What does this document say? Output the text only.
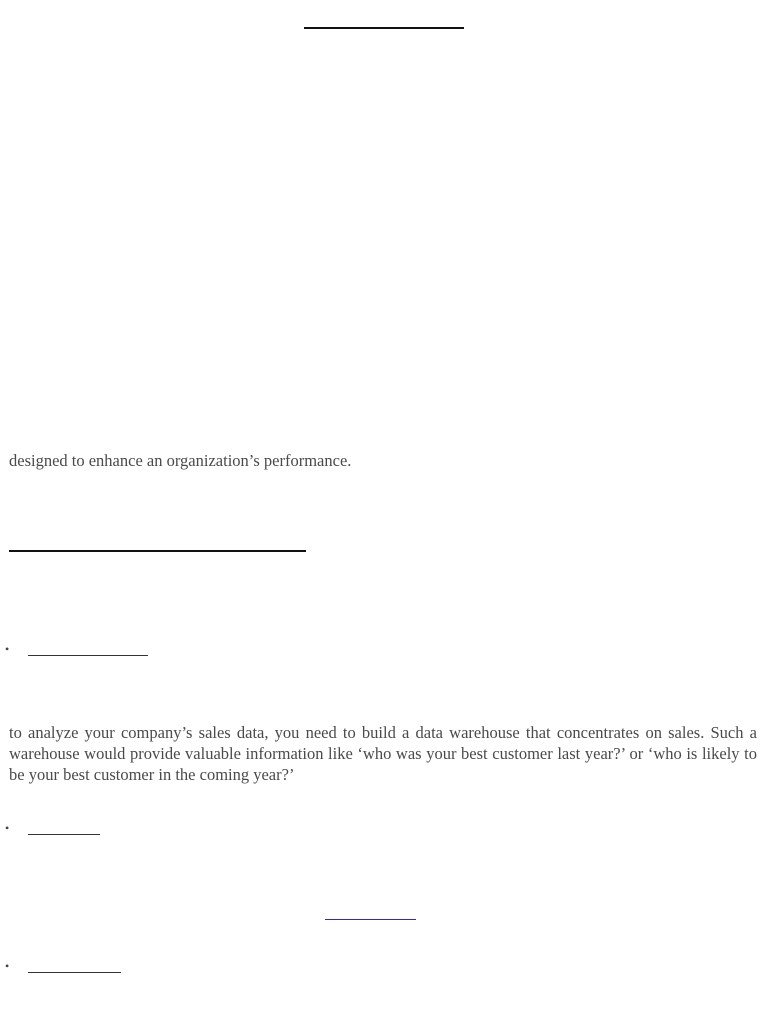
designed to enhance an organization’s performance.
•
to analyze your company’s sales data, you need to build a data warehouse that concentrates on sales. Such a warehouse would provide valuable information like ‘who was your best customer last year?’ or ‘who is likely to be your best customer in the coming year?’
•
•
